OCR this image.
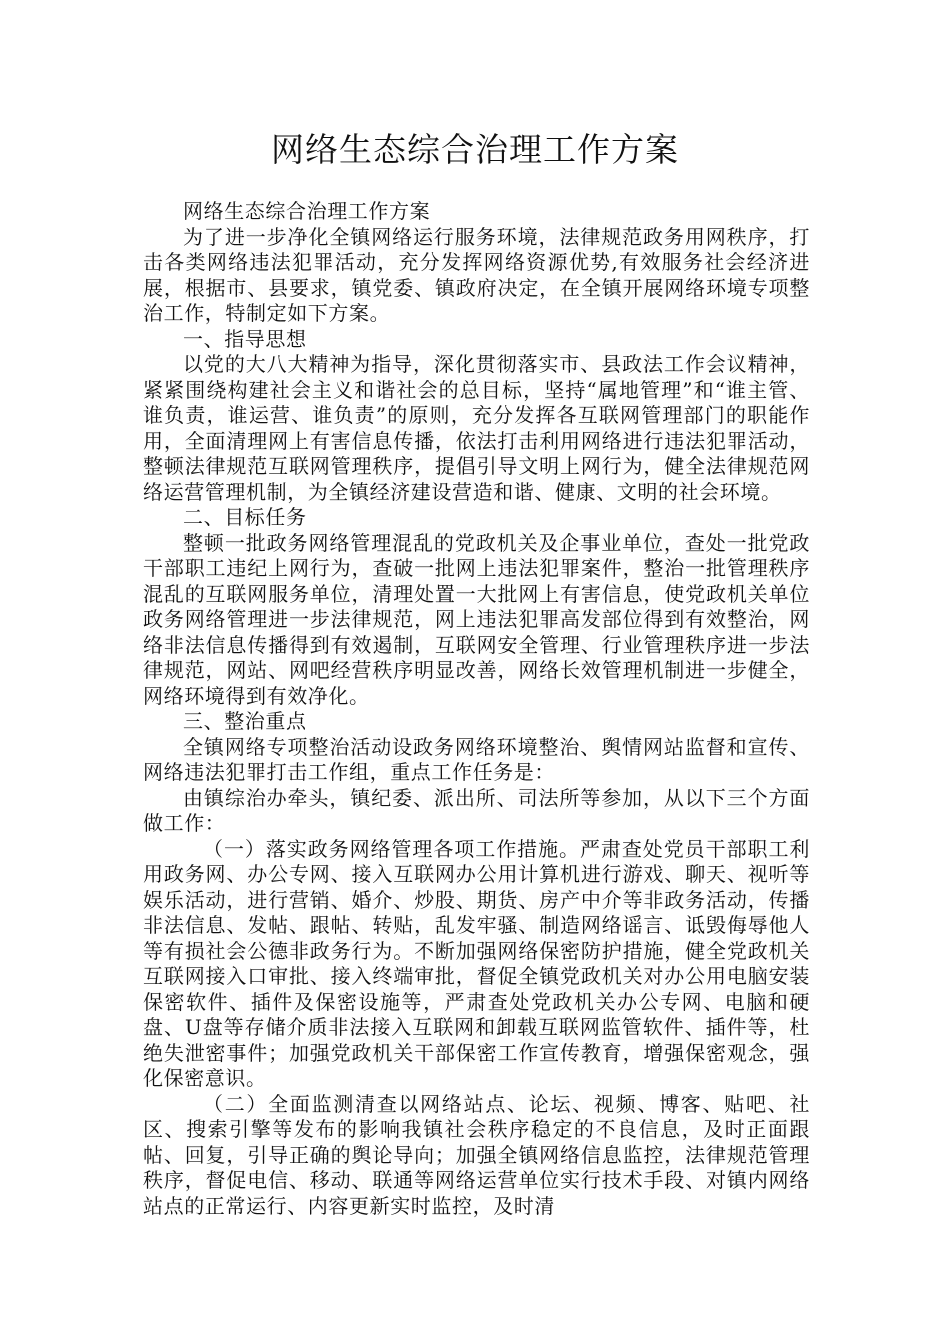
网络生态综合治理工作方案

网络生态综合治理工作方案

为了进一步净化全镇网络运行服务环境，法律规范政务用网秩序，打击各类网络违法犯罪活动，充分发挥网络资源优势,有效服务社会经济进展，根据市、县要求，镇党委、镇政府决定，在全镇开展网络环境专项整治工作，特制定如下方案。

一、指导思想

以党的大八大精神为指导，深化贯彻落实市、县政法工作会议精神，紧紧围绕构建社会主义和谐社会的总目标，坚持“属地管理”和“谁主管、谁负责，谁运营、谁负责”的原则，充分发挥各互联网管理部门的职能作用，全面清理网上有害信息传播，依法打击利用网络进行违法犯罪活动，整顿法律规范互联网管理秩序，提倡引导文明上网行为，健全法律规范网络运营管理机制，为全镇经济建设营造和谐、健康、文明的社会环境。

二、目标任务

整顿一批政务网络管理混乱的党政机关及企事业单位，查处一批党政干部职工违纪上网行为，查破一批网上违法犯罪案件，整治一批管理秩序混乱的互联网服务单位，清理处置一大批网上有害信息，使党政机关单位政务网络管理进一步法律规范，网上违法犯罪高发部位得到有效整治，网络非法信息传播得到有效遏制，互联网安全管理、行业管理秩序进一步法律规范，网站、网吧经营秩序明显改善，网络长效管理机制进一步健全，网络环境得到有效净化。

三、整治重点

全镇网络专项整治活动设政务网络环境整治、舆情网站监督和宣传、网络违法犯罪打击工作组，重点工作任务是：

由镇综治办牵头，镇纪委、派出所、司法所等参加，从以下三个方面做工作：

（一）落实政务网络管理各项工作措施。严肃查处党员干部职工利用政务网、办公专网、接入互联网办公用计算机进行游戏、聊天、视听等娱乐活动，进行营销、婚介、炒股、期货、房产中介等非政务活动，传播非法信息、发帖、跟帖、转贴，乱发牢骚、制造网络谣言、诋毁侮辱他人等有损社会公德非政务行为。不断加强网络保密防护措施，健全党政机关互联网接入口审批、接入终端审批，督促全镇党政机关对办公用电脑安装保密软件、插件及保密设施等，严肃查处党政机关办公专网、电脑和硬盘、U盘等存储介质非法接入互联网和卸载互联网监管软件、插件等，杜绝失泄密事件；加强党政机关干部保密工作宣传教育，增强保密观念，强化保密意识。

（二）全面监测清查以网络站点、论坛、视频、博客、贴吧、社区、搜索引擎等发布的影响我镇社会秩序稳定的不良信息，及时正面跟帖、回复，引导正确的舆论导向；加强全镇网络信息监控，法律规范管理秩序，督促电信、移动、联通等网络运营单位实行技术手段、对镇内网络站点的正常运行、内容更新实时监控，及时清
